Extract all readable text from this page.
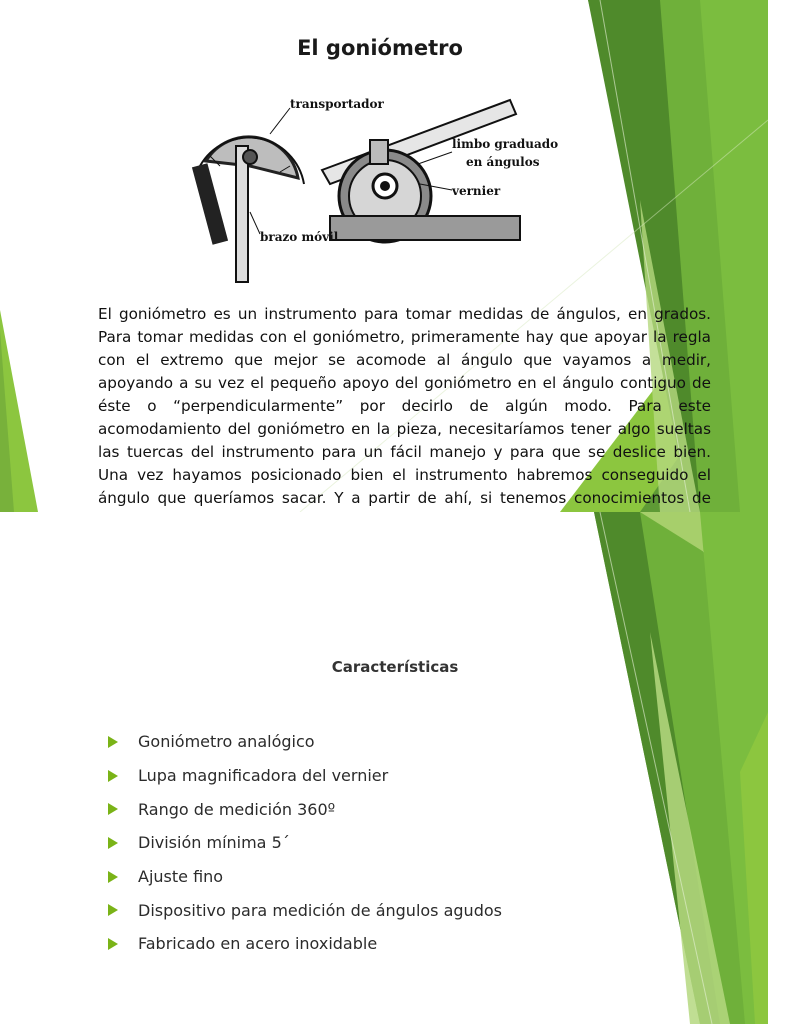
El goniómetro
transportador
limbo graduado
en ángulos
vernier
brazo móvil

El goniómetro es un instrumento para tomar medidas de ángulos, en grados. Para tomar medidas con el goniómetro, primeramente hay que apoyar la regla con el extremo que mejor se acomode al ángulo que vayamos a medir, apoyando a su vez el pequeño apoyo del goniómetro en el ángulo contiguo de éste o “perpendicularmente” por decirlo de algún modo. Para este acomodamiento del goniómetro en la pieza, necesitaríamos tener algo sueltas las tuercas del instrumento para un fácil manejo y para que se deslice bien. Una vez hayamos posicionado bien el instrumento habremos conseguido el ángulo que queríamos sacar. Y a partir de ahí, si tenemos conocimientos de

Características
Goniómetro analógico
Lupa magnificadora del vernier
Rango de medición 360º
División mínima 5´
Ajuste fino
Dispositivo para medición de ángulos agudos
Fabricado en acero inoxidable
